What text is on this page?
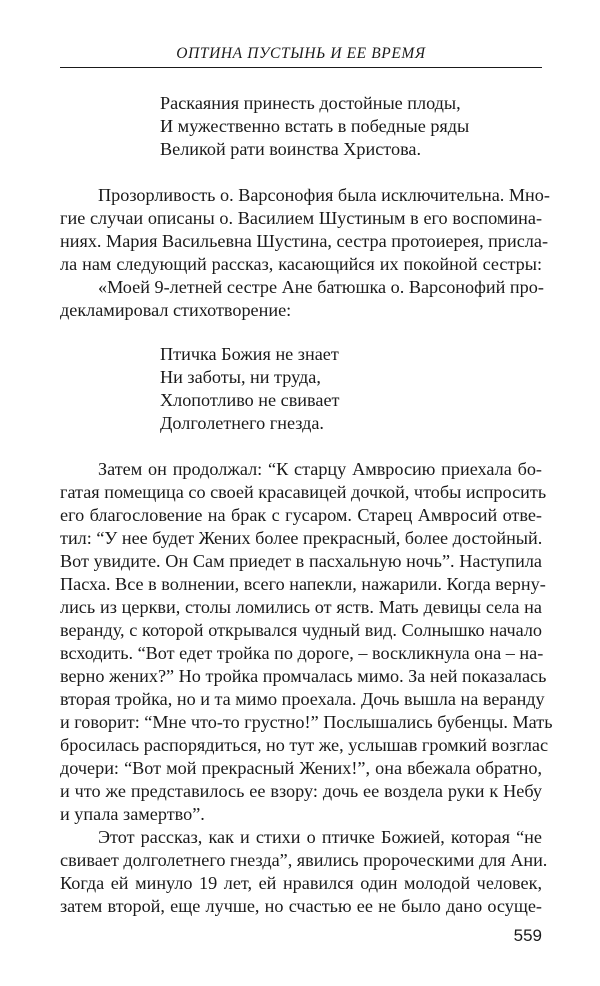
ОПТИНА ПУСТЫНЬ И ЕЕ ВРЕМЯ
Раскаяния принесть достойные плоды,
И мужественно встать в победные ряды
Великой рати воинства Христова.
Прозорливость о. Варсонофия была исключительна. Мно-
гие случаи описаны о. Василием Шустиным в его воспомина-
ниях. Мария Васильевна Шустина, сестра протоиерея, присла-
ла нам следующий рассказ, касающийся их покойной сестры:
«Моей 9-летней сестре Ане батюшка о. Варсонофий про-
декламировал стихотворение:
Птичка Божия не знает
Ни заботы, ни труда,
Хлопотливо не свивает
Долголетнего гнезда.
Затем он продолжал: “К старцу Амвросию приехала бо-
гатая помещица со своей красавицей дочкой, чтобы испросить
его благословение на брак с гусаром. Старец Амвросий отве-
тил: “У нее будет Жених более прекрасный, более достойный.
Вот увидите. Он Сам приедет в пасхальную ночь”. Наступила
Пасха. Все в волнении, всего напекли, нажарили. Когда верну-
лись из церкви, столы ломились от яств. Мать девицы села на
веранду, с которой открывался чудный вид. Солнышко начало
всходить. “Вот едет тройка по дороге, – воскликнула она – на-
верно жених?” Но тройка промчалась мимо. За ней показалась
вторая тройка, но и та мимо проехала. Дочь вышла на веранду
и говорит: “Мне что-то грустно!” Послышались бубенцы. Мать
бросилась распорядиться, но тут же, услышав громкий возглас
дочери: “Вот мой прекрасный Жених!”, она вбежала обратно,
и что же представилось ее взору: дочь ее воздела руки к Небу
и упала замертво”.
Этот рассказ, как и стихи о птичке Божией, которая “не
свивает долголетнего гнезда”, явились пророческими для Ани.
Когда ей минуло 19 лет, ей нравился один молодой человек,
затем второй, еще лучше, но счастью ее не было дано осуще-
559
